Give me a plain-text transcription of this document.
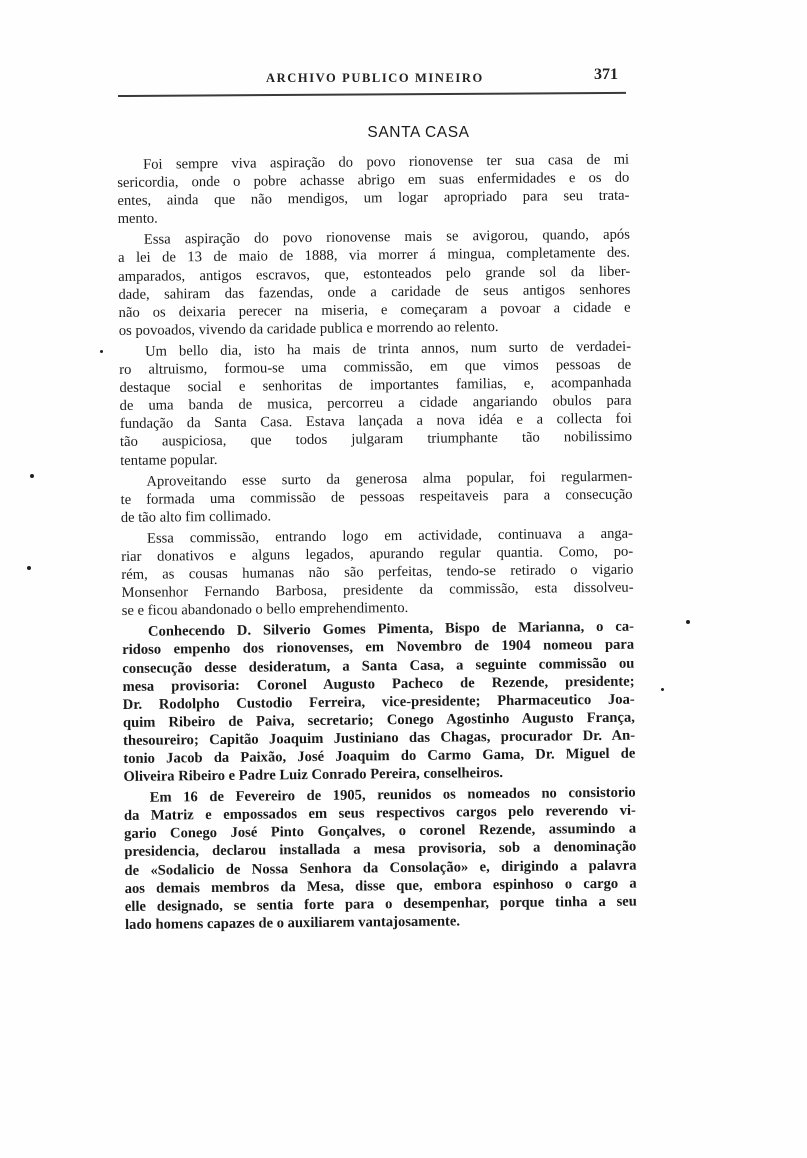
ARCHIVO PUBLICO MINEIRO	371
SANTA CASA
Foi sempre viva aspiração do povo rionovense ter sua casa de mi
sericordia, onde o pobre achasse abrigo em suas enfermidades e os do
entes, ainda que não mendigos, um logar apropriado para seu trata-
mento.
Essa aspiração do povo rionovense mais se avigorou, quando, após
a lei de 13 de maio de 1888, via morrer á mingua, completamente des.
amparados, antigos escravos, que, estonteados pelo grande sol da liber-
dade, sahiram das fazendas, onde a caridade de seus antigos senhores
não os deixaria perecer na miseria, e começaram a povoar a cidade e
os povoados, vivendo da caridade publica e morrendo ao relento.
Um bello dia, isto ha mais de trinta annos, num surto de verdadei-
ro altruismo, formou-se uma commissão, em que vimos pessoas de
destaque social e senhoritas de importantes familias, e, acompanhada
de uma banda de musica, percorreu a cidade angariando obulos para
fundação da Santa Casa. Estava lançada a nova idéa e a collecta foi
tão auspiciosa, que todos julgaram triumphante tão nobilissimo
tentame popular.
Aproveitando esse surto da generosa alma popular, foi regularmen-
te formada uma commissão de pessoas respeitaveis para a consecução
de tão alto fim collimado.
Essa commissão, entrando logo em actividade, continuava a anga-
riar donativos e alguns legados, apurando regular quantia. Como, po-
rém, as cousas humanas não são perfeitas, tendo-se retirado o vigario
Monsenhor Fernando Barbosa, presidente da commissão, esta dissolveu-
se e ficou abandonado o bello emprehendimento.
Conhecendo D. Silverio Gomes Pimenta, Bispo de Marianna, o ca-
ridoso empenho dos rionovenses, em Novembro de 1904 nomeou para
consecução desse desideratum, a Santa Casa, a seguinte commissão ou
mesa provisoria: Coronel Augusto Pacheco de Rezende, presidente;
Dr. Rodolpho Custodio Ferreira, vice-presidente; Pharmaceutico Joa-
quim Ribeiro de Paiva, secretario; Conego Agostinho Augusto França,
thesoureiro; Capitão Joaquim Justiniano das Chagas, procurador Dr. An-
tonio Jacob da Paixão, José Joaquim do Carmo Gama, Dr. Miguel de
Oliveira Ribeiro e Padre Luiz Conrado Pereira, conselheiros.
Em 16 de Fevereiro de 1905, reunidos os nomeados no consistorio
da Matriz e empossados em seus respectivos cargos pelo reverendo vi-
gario Conego José Pinto Gonçalves, o coronel Rezende, assumindo a
presidencia, declarou installada a mesa provisoria, sob a denominação
de «Sodalicio de Nossa Senhora da Consolação» e, dirigindo a palavra
aos demais membros da Mesa, disse que, embora espinhoso o cargo a
elle designado, se sentia forte para o desempenhar, porque tinha a seu
lado homens capazes de o auxiliarem vantajosamente.
